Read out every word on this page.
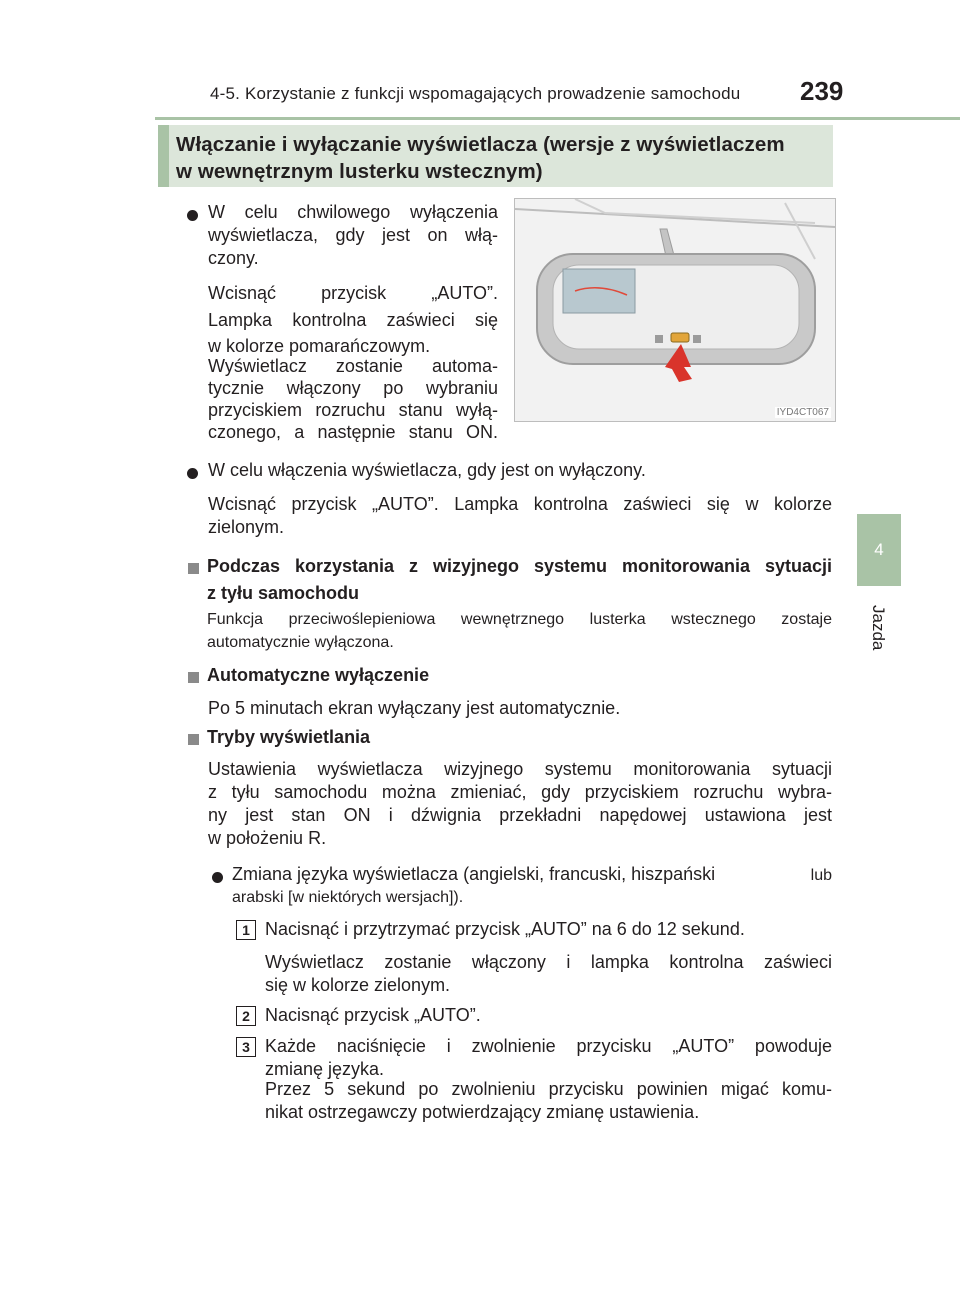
4-5. Korzystanie z funkcji wspomagających prowadzenie samochodu	239
4
Jazda
Włączanie i wyłączanie wyświetlacza (wersje z wyświetlaczem
w wewnętrznym lusterku wstecznym)
W celu chwilowego wyłączenia
wyświetlacza, gdy jest on włą-
czony.
Wcisnąć przycisk „AUTO”.
Lampka kontrolna zaświeci się
w kolorze pomarańczowym.
Wyświetlacz zostanie automa-
tycznie włączony po wybraniu
przyciskiem rozruchu stanu wyłą-
czonego, a następnie stanu ON.
IYD4CT067
W celu włączenia wyświetlacza, gdy jest on wyłączony.
Wcisnąć przycisk „AUTO”. Lampka kontrolna zaświeci się w kolorze
zielonym.
Podczas korzystania z wizyjnego systemu monitorowania sytuacji
z tyłu samochodu
Funkcja przeciwoślepieniowa wewnętrznego lusterka wstecznego zostaje
automatycznie wyłączona.
Automatyczne wyłączenie
Po 5 minutach ekran wyłączany jest automatycznie.
Tryby wyświetlania
Ustawienia wyświetlacza wizyjnego systemu monitorowania sytuacji
z tyłu samochodu można zmieniać, gdy przyciskiem rozruchu wybra-
ny jest stan ON i dźwignia przekładni napędowej ustawiona jest
w położeniu R.
Zmiana języka wyświetlacza (angielski, francuski, hiszpański	lub
arabski [w niektórych wersjach]).
1 Nacisnąć i przytrzymać przycisk „AUTO” na 6 do 12 sekund.
Wyświetlacz zostanie włączony i lampka kontrolna zaświeci
się w kolorze zielonym.
2 Nacisnąć przycisk „AUTO”.
3 Każde naciśnięcie i zwolnienie przycisku „AUTO” powoduje
zmianę języka.
Przez 5 sekund po zwolnieniu przycisku powinien migać komu-
nikat ostrzegawczy potwierdzający zmianę ustawienia.
